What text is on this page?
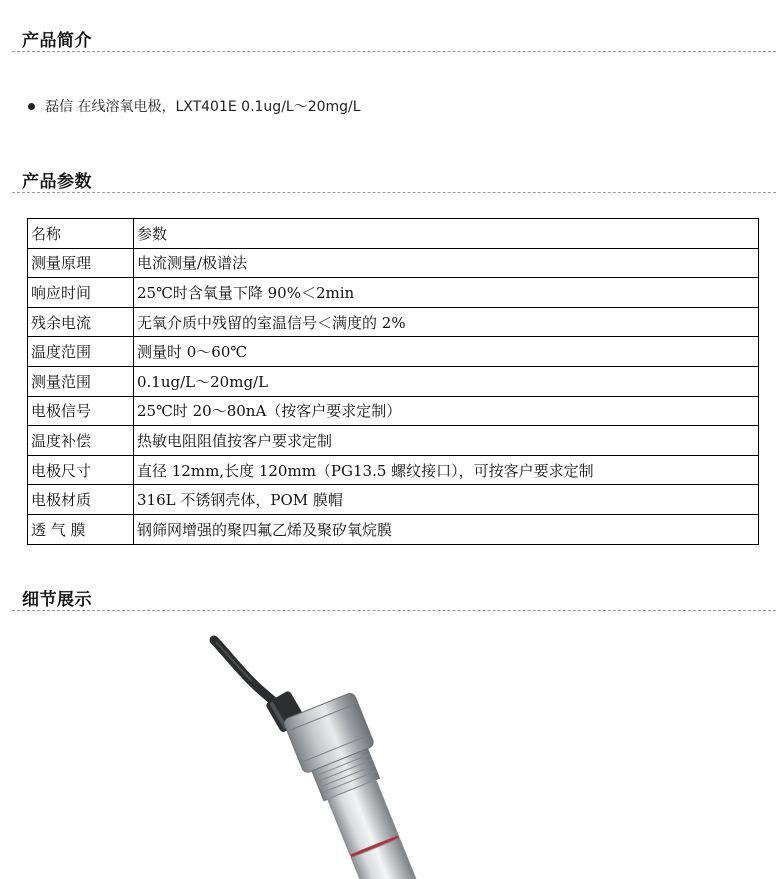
产品简介
磊信 在线溶氧电极，LXT401E 0.1ug/L～20mg/L
产品参数
名称	参数
测量原理	电流测量/极谱法
响应时间	25℃时含氧量下降 90%＜2min
残余电流	无氧介质中残留的室温信号＜满度的 2%
温度范围	测量时 0～60℃
测量范围	0.1ug/L～20mg/L
电极信号	25℃时 20～80nA（按客户要求定制）
温度补偿	热敏电阻阻值按客户要求定制
电极尺寸	直径 12mm,长度 120mm（PG13.5 螺纹接口），可按客户要求定制
电极材质	316L 不锈钢壳体，POM 膜帽
透 气 膜	钢筛网增强的聚四氟乙烯及聚矽氧烷膜
细节展示
